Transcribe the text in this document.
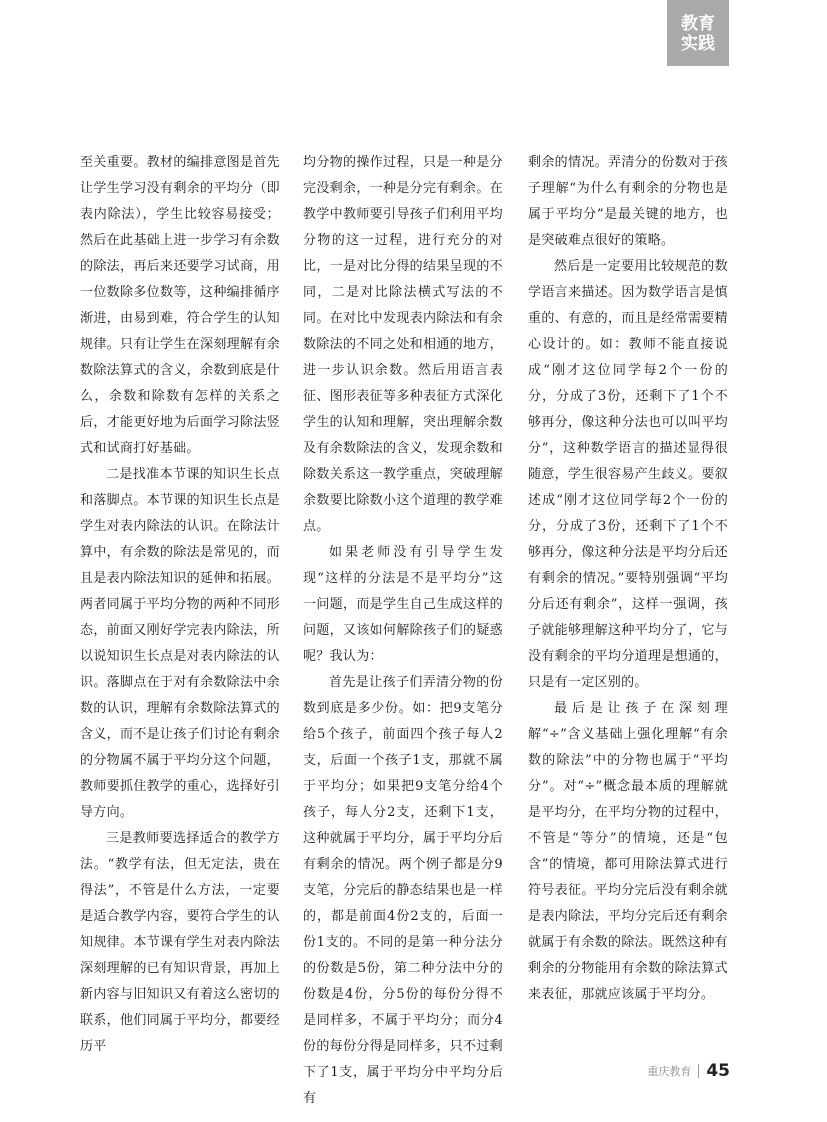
教育
实践

至关重要。教材的编排意图是首先让学生学习没有剩余的平均分（即表内除法），学生比较容易接受；然后在此基础上进一步学习有余数的除法，再后来还要学习试商，用一位数除多位数等，这种编排循序渐进，由易到难，符合学生的认知规律。只有让学生在深刻理解有余数除法算式的含义，余数到底是什么，余数和除数有怎样的关系之后，才能更好地为后面学习除法竖式和试商打好基础。

二是找准本节课的知识生长点和落脚点。本节课的知识生长点是学生对表内除法的认识。在除法计算中，有余数的除法是常见的，而且是表内除法知识的延伸和拓展。两者同属于平均分物的两种不同形态，前面又刚好学完表内除法，所以说知识生长点是对表内除法的认识。落脚点在于对有余数除法中余数的认识，理解有余数除法算式的含义，而不是让孩子们讨论有剩余的分物属不属于平均分这个问题，教师要抓住教学的重心，选择好引导方向。

三是教师要选择适合的教学方法。“教学有法，但无定法，贵在得法”，不管是什么方法，一定要是适合教学内容，要符合学生的认知规律。本节课有学生对表内除法深刻理解的已有知识背景，再加上新内容与旧知识又有着这么密切的联系，他们同属于平均分，都要经历平

均分物的操作过程，只是一种是分完没剩余，一种是分完有剩余。在教学中教师要引导孩子们利用平均分物的这一过程，进行充分的对比，一是对比分得的结果呈现的不同，二是对比除法横式写法的不同。在对比中发现表内除法和有余数除法的不同之处和相通的地方，进一步认识余数。然后用语言表征、图形表征等多种表征方式深化学生的认知和理解，突出理解余数及有余数除法的含义，发现余数和除数关系这一教学重点，突破理解余数要比除数小这个道理的教学难点。

如果老师没有引导学生发现“这样的分法是不是平均分”这一问题，而是学生自己生成这样的问题，又该如何解除孩子们的疑惑呢？我认为：

首先是让孩子们弄清分物的份数到底是多少份。如：把9支笔分给5个孩子，前面四个孩子每人2支，后面一个孩子1支，那就不属于平均分；如果把9支笔分给4个孩子，每人分2支，还剩下1支，这种就属于平均分，属于平均分后有剩余的情况。两个例子都是分9支笔，分完后的静态结果也是一样的，都是前面4份2支的，后面一份1支的。不同的是第一种分法分的份数是5份，第二种分法中分的份数是4份，分5份的每份分得不是同样多，不属于平均分；而分4份的每份分得是同样多，只不过剩下了1支，属于平均分中平均分后有

剩余的情况。弄清分的份数对于孩子理解“为什么有剩余的分物也是属于平均分”是最关键的地方，也是突破难点很好的策略。

然后是一定要用比较规范的数学语言来描述。因为数学语言是慎重的、有意的，而且是经常需要精心设计的。如：教师不能直接说成“刚才这位同学每2个一份的分，分成了3份，还剩下了1个不够再分，像这种分法也可以叫平均分”，这种数学语言的描述显得很随意，学生很容易产生歧义。要叙述成“刚才这位同学每2个一份的分，分成了3份，还剩下了1个不够再分，像这种分法是平均分后还有剩余的情况。”要特别强调“平均分后还有剩余”，这样一强调，孩子就能够理解这种平均分了，它与没有剩余的平均分道理是想通的，只是有一定区别的。

最后是让孩子在深刻理解“÷”含义基础上强化理解“有余数的除法”中的分物也属于“平均分”。对“÷”概念最本质的理解就是平均分，在平均分物的过程中，不管是“等分”的情境，还是“包含”的情境，都可用除法算式进行符号表征。平均分完后没有剩余就是表内除法，平均分完后还有剩余就属于有余数的除法。既然这种有剩余的分物能用有余数的除法算式来表征，那就应该属于平均分。

重庆教育 45
